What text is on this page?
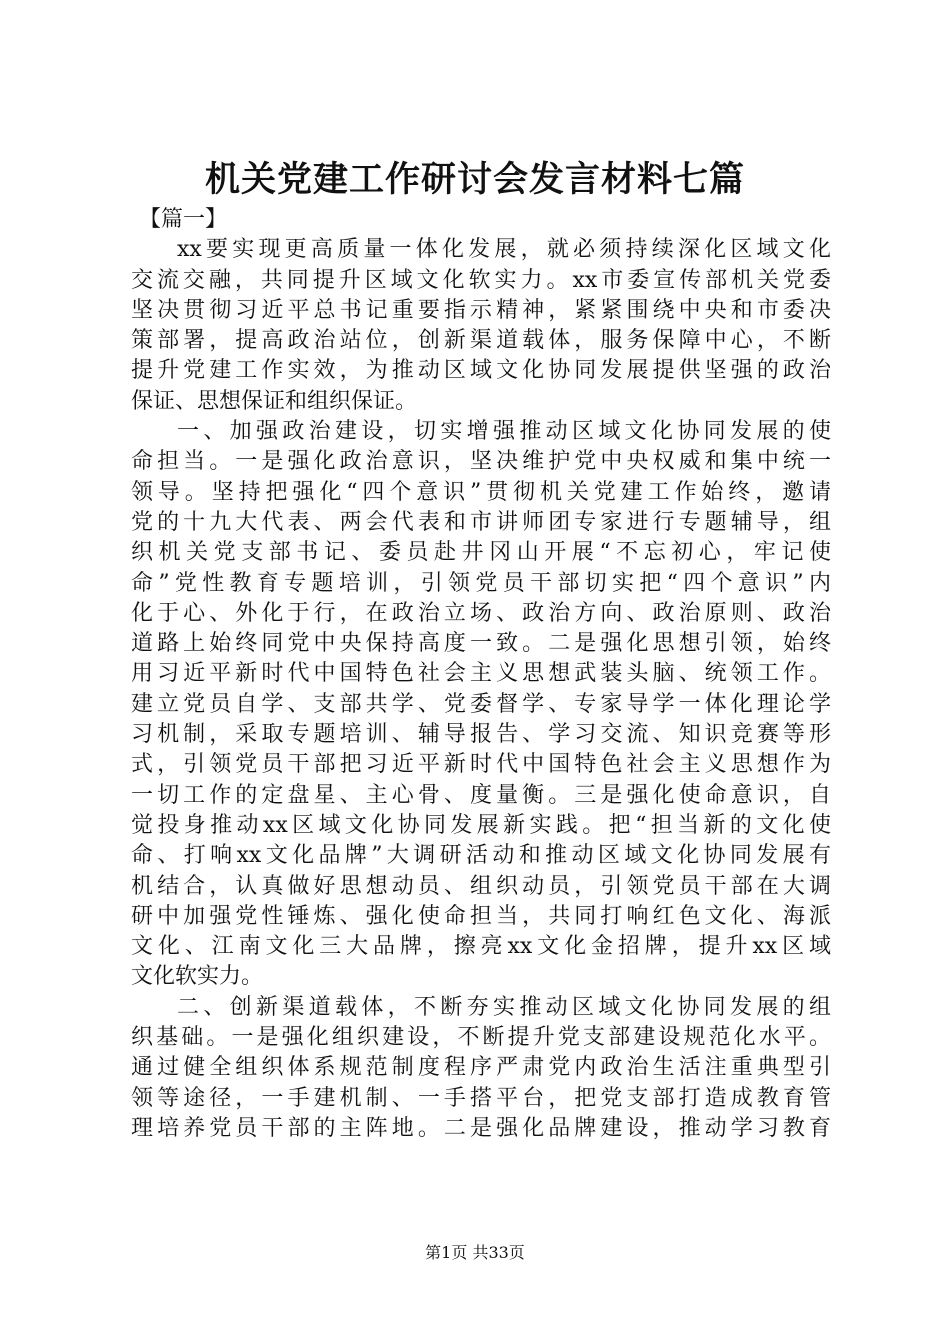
机关党建工作研讨会发言材料七篇
【篇一】
xx要实现更高质量一体化发展，就必须持续深化区域文化
交流交融，共同提升区域文化软实力。xx市委宣传部机关党委
坚决贯彻习近平总书记重要指示精神，紧紧围绕中央和市委决
策部署，提高政治站位，创新渠道载体，服务保障中心，不断
提升党建工作实效，为推动区域文化协同发展提供坚强的政治
保证、思想保证和组织保证。
一、加强政治建设，切实增强推动区域文化协同发展的使
命担当。一是强化政治意识，坚决维护党中央权威和集中统一
领导。坚持把强化“四个意识”贯彻机关党建工作始终，邀请
党的十九大代表、两会代表和市讲师团专家进行专题辅导，组
织机关党支部书记、委员赴井冈山开展“不忘初心，牢记使
命”党性教育专题培训，引领党员干部切实把“四个意识”内
化于心、外化于行，在政治立场、政治方向、政治原则、政治
道路上始终同党中央保持高度一致。二是强化思想引领，始终
用习近平新时代中国特色社会主义思想武装头脑、统领工作。
建立党员自学、支部共学、党委督学、专家导学一体化理论学
习机制，采取专题培训、辅导报告、学习交流、知识竞赛等形
式，引领党员干部把习近平新时代中国特色社会主义思想作为
一切工作的定盘星、主心骨、度量衡。三是强化使命意识，自
觉投身推动xx区域文化协同发展新实践。把“担当新的文化使
命、打响xx文化品牌”大调研活动和推动区域文化协同发展有
机结合，认真做好思想动员、组织动员，引领党员干部在大调
研中加强党性锤炼、强化使命担当，共同打响红色文化、海派
文化、江南文化三大品牌，擦亮xx文化金招牌，提升xx区域
文化软实力。
二、创新渠道载体，不断夯实推动区域文化协同发展的组
织基础。一是强化组织建设，不断提升党支部建设规范化水平。
通过健全组织体系规范制度程序严肃党内政治生活注重典型引
领等途径，一手建机制、一手搭平台，把党支部打造成教育管
理培养党员干部的主阵地。二是强化品牌建设，推动学习教育
第1页 共33页
